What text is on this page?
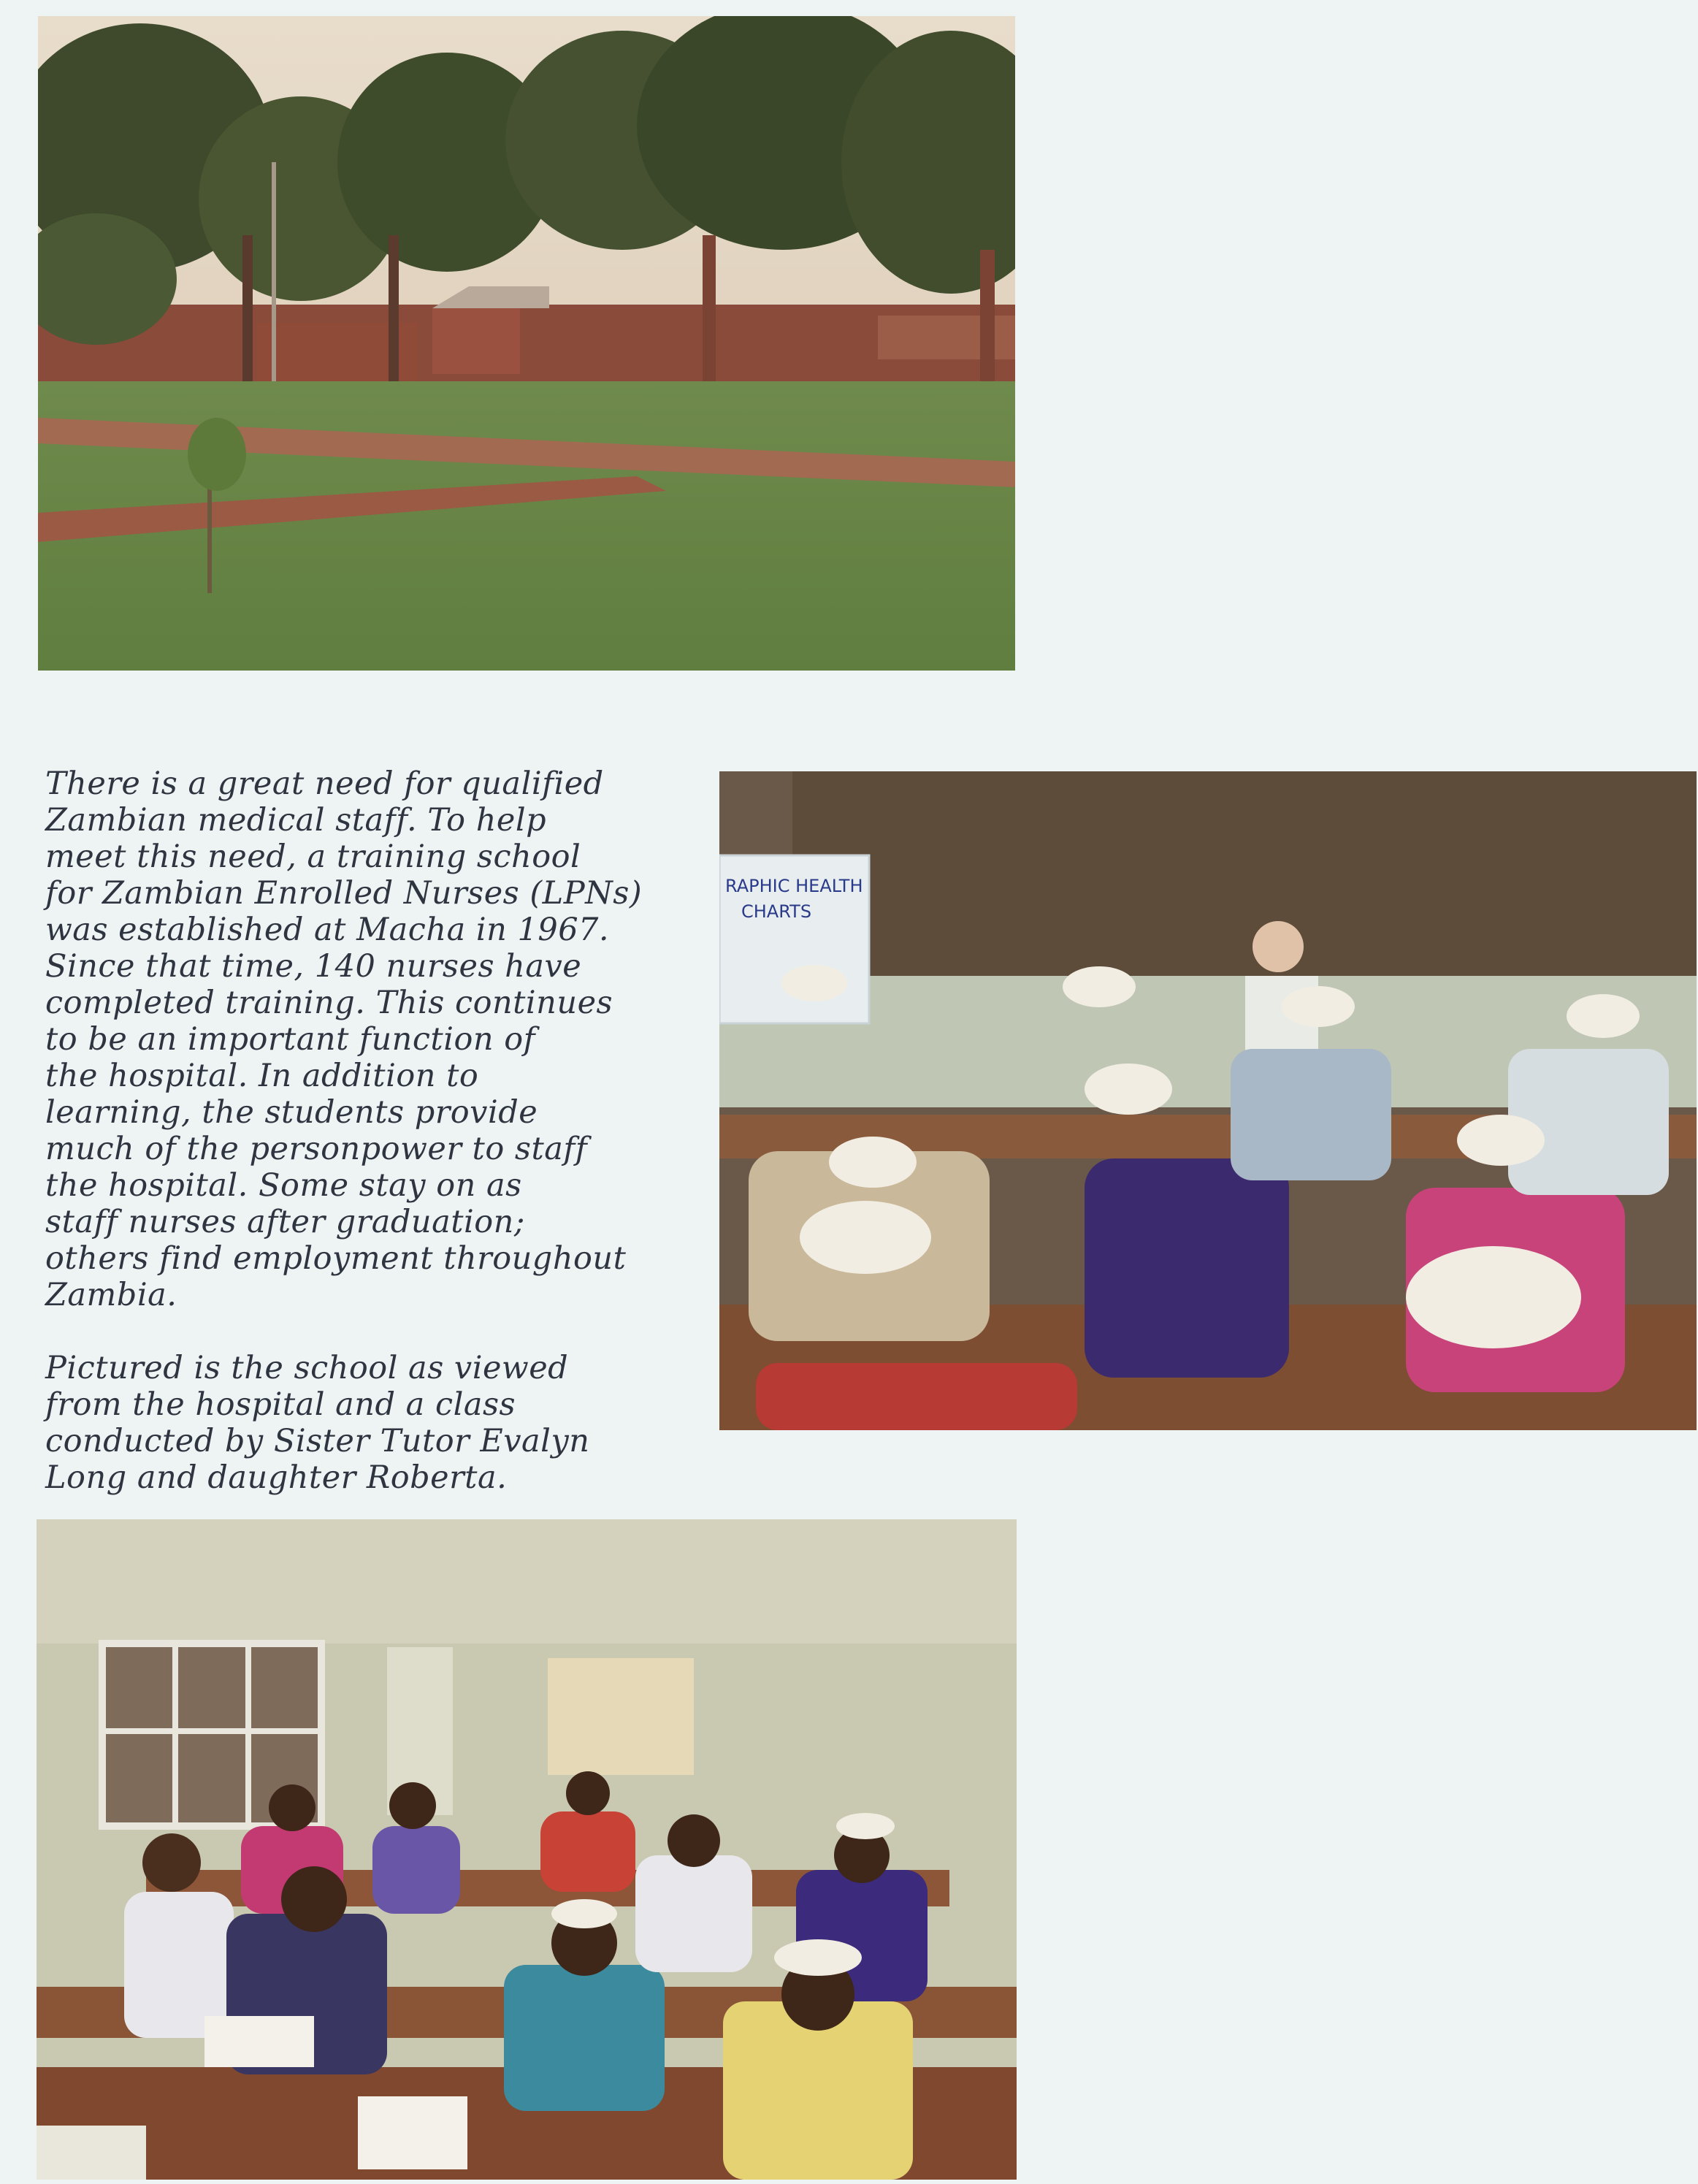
There is a great need for qualified
Zambian medical staff. To help
meet this need, a training school
for Zambian Enrolled Nurses (LPNs)
was established at Macha in 1967.
Since that time, 140 nurses have
completed training. This continues
to be an important function of
the hospital. In addition to
learning, the students provide
much of the personpower to staff
the hospital. Some stay on as
staff nurses after graduation;
others find employment throughout
Zambia.

Pictured is the school as viewed
from the hospital and a class
conducted by Sister Tutor Evalyn
Long and daughter Roberta.

RAPHIC HEALTH
CHARTS
